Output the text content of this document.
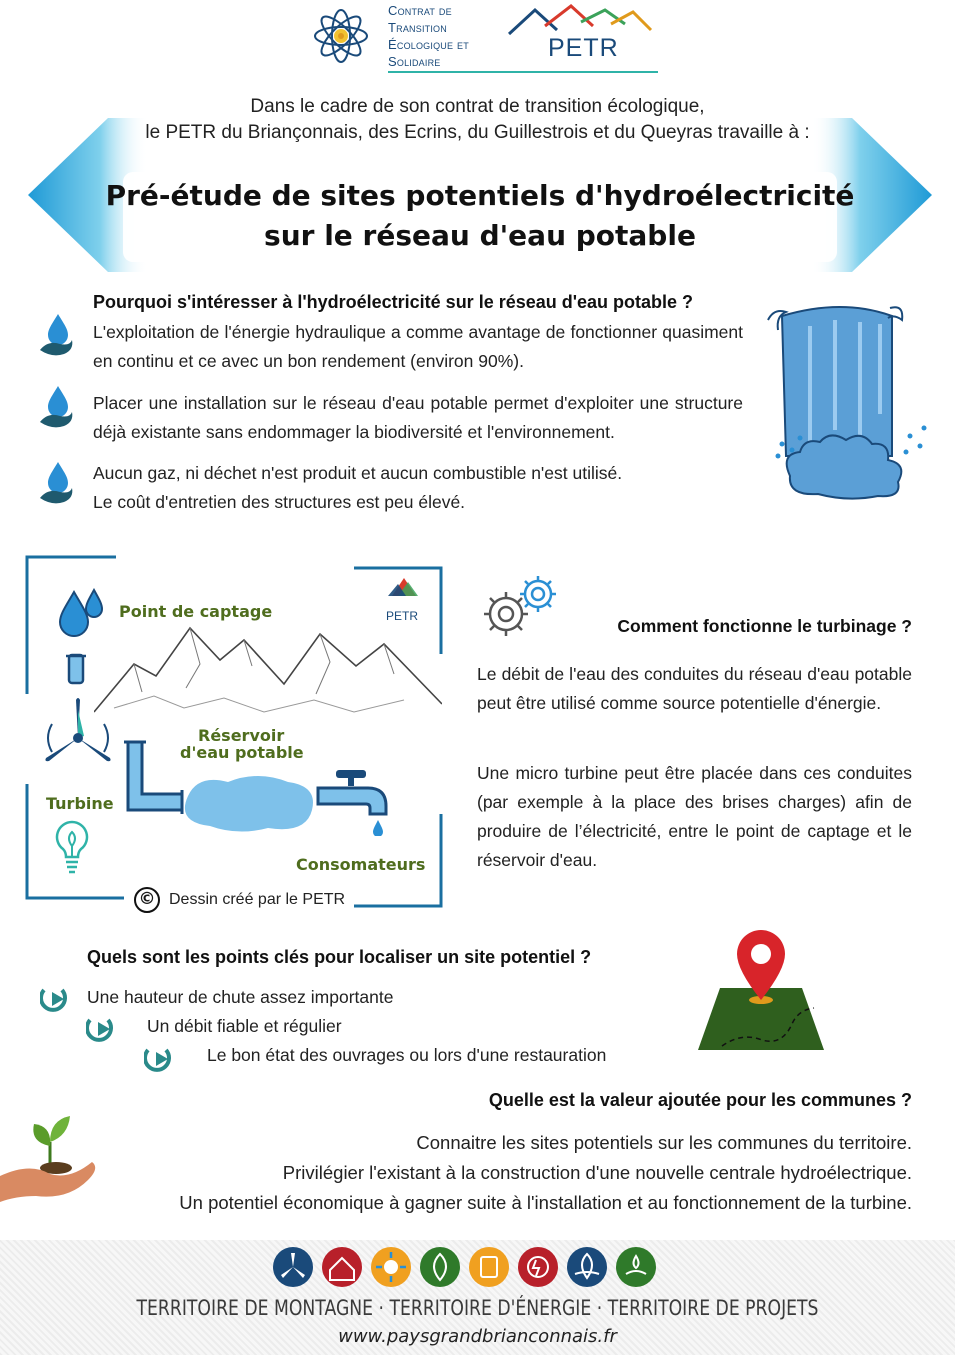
Contrat de
Transition
Écologique et
Solidaire	PETR
Dans le cadre de son contrat de transition écologique,
le PETR du Briançonnais, des Ecrins, du Guillestrois et du Queyras travaille à :
Pré-étude de sites potentiels d'hydroélectricité
sur le réseau d'eau potable
Pourquoi s'intéresser à l'hydroélectricité sur le réseau d'eau potable ?
L'exploitation de l'énergie hydraulique a comme avantage de fonctionner quasiment en continu et ce avec un bon rendement (environ 90%).
Placer une installation sur le réseau d'eau potable permet d'exploiter une structure déjà existante sans endommager la biodiversité et l'environnement.
Aucun gaz, ni déchet n'est produit et aucun combustible n'est utilisé.
Le coût d'entretien des structures est peu élevé.
Point de captage
Turbine
Réservoir
d'eau potable
Consomateurs
PETR
© Dessin créé par le PETR
Comment fonctionne le turbinage ?
Le débit de l'eau des conduites du réseau d'eau potable peut être utilisé comme source potentielle d'énergie.
Une micro turbine peut être placée dans ces conduites (par exemple à la place des brises charges) afin de produire de l’électricité, entre le point de captage et le réservoir d'eau.
Quels sont les points clés pour localiser un site potentiel ?
Une hauteur de chute assez importante
Un débit fiable et régulier
Le bon état des ouvrages ou lors d'une restauration
Quelle est la valeur ajoutée pour les communes ?
Connaitre les sites potentiels sur les communes du territoire.
Privilégier l'existant à la construction d'une nouvelle centrale hydroélectrique.
Un potentiel économique à gagner suite à l'installation et au fonctionnement de la turbine.
TERRITOIRE DE MONTAGNE · TERRITOIRE D'ÉNERGIE · TERRITOIRE DE PROJETS
www.paysgrandbrianconnais.fr
